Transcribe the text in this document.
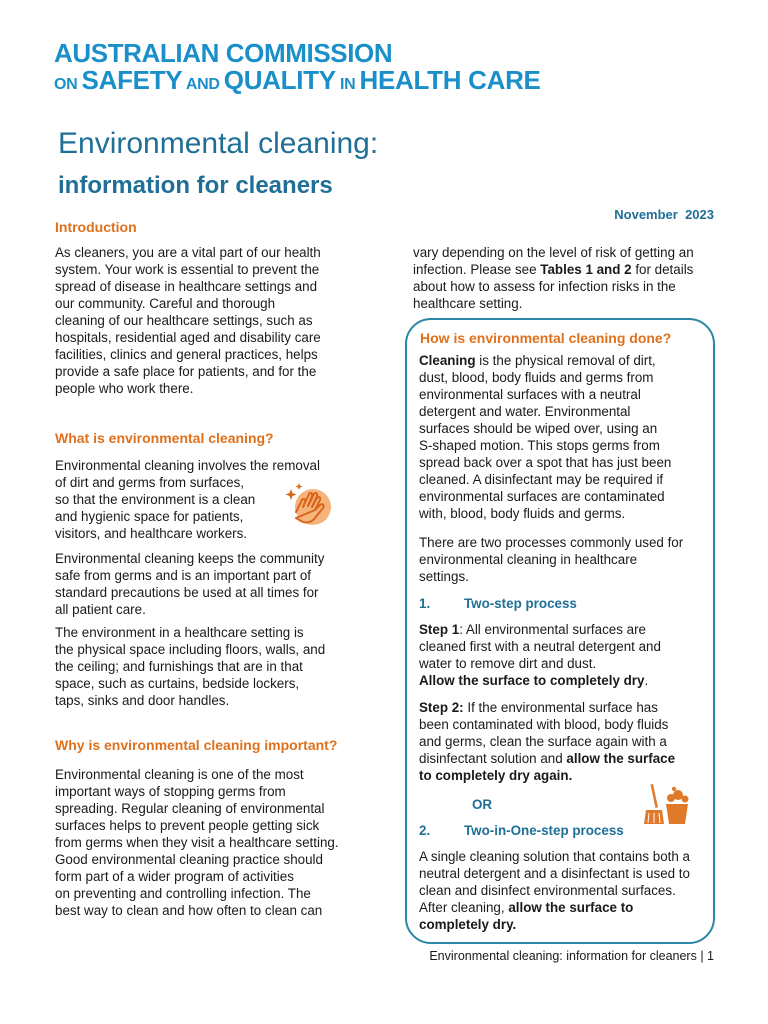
AUSTRALIAN COMMISSION
ON SAFETY AND QUALITY IN HEALTH CARE
Environmental cleaning:
information for cleaners
November  2023
Introduction
As cleaners, you are a vital part of our health
system. Your work is essential to prevent the
spread of disease in healthcare settings and
our community. Careful and thorough
cleaning of our healthcare settings, such as
hospitals, residential aged and disability care
facilities, clinics and general practices, helps
provide a safe place for patients, and for the
people who work there.
What is environmental cleaning?
Environmental cleaning involves the removal
of dirt and germs from surfaces,
so that the environment is a clean
and hygienic space for patients,
visitors, and healthcare workers.
Environmental cleaning keeps the community
safe from germs and is an important part of
standard precautions be used at all times for
all patient care.
The environment in a healthcare setting is
the physical space including floors, walls, and
the ceiling; and furnishings that are in that
space, such as curtains, bedside lockers,
taps, sinks and door handles.
Why is environmental cleaning important?
Environmental cleaning is one of the most
important ways of stopping germs from
spreading. Regular cleaning of environmental
surfaces helps to prevent people getting sick
from germs when they visit a healthcare setting.
Good environmental cleaning practice should
form part of a wider program of activities
on preventing and controlling infection. The
best way to clean and how often to clean can
vary depending on the level of risk of getting an
infection. Please see Tables 1 and 2 for details
about how to assess for infection risks in the
healthcare setting.
How is environmental cleaning done?
Cleaning is the physical removal of dirt,
dust, blood, body fluids and germs from
environmental surfaces with a neutral
detergent and water. Environmental
surfaces should be wiped over, using an
S-shaped motion. This stops germs from
spread back over a spot that has just been
cleaned. A disinfectant may be required if
environmental surfaces are contaminated
with, blood, body fluids and germs.
There are two processes commonly used for
environmental cleaning in healthcare
settings.
1.	Two-step process
Step 1: All environmental surfaces are
cleaned first with a neutral detergent and
water to remove dirt and dust.
Allow the surface to completely dry.
Step 2: If the environmental surface has
been contaminated with blood, body fluids
and germs, clean the surface again with a
disinfectant solution and allow the surface
to completely dry again.
OR
2.	Two-in-One-step process
A single cleaning solution that contains both a
neutral detergent and a disinfectant is used to
clean and disinfect environmental surfaces.
After cleaning, allow the surface to
completely dry.
Environmental cleaning: information for cleaners | 1
